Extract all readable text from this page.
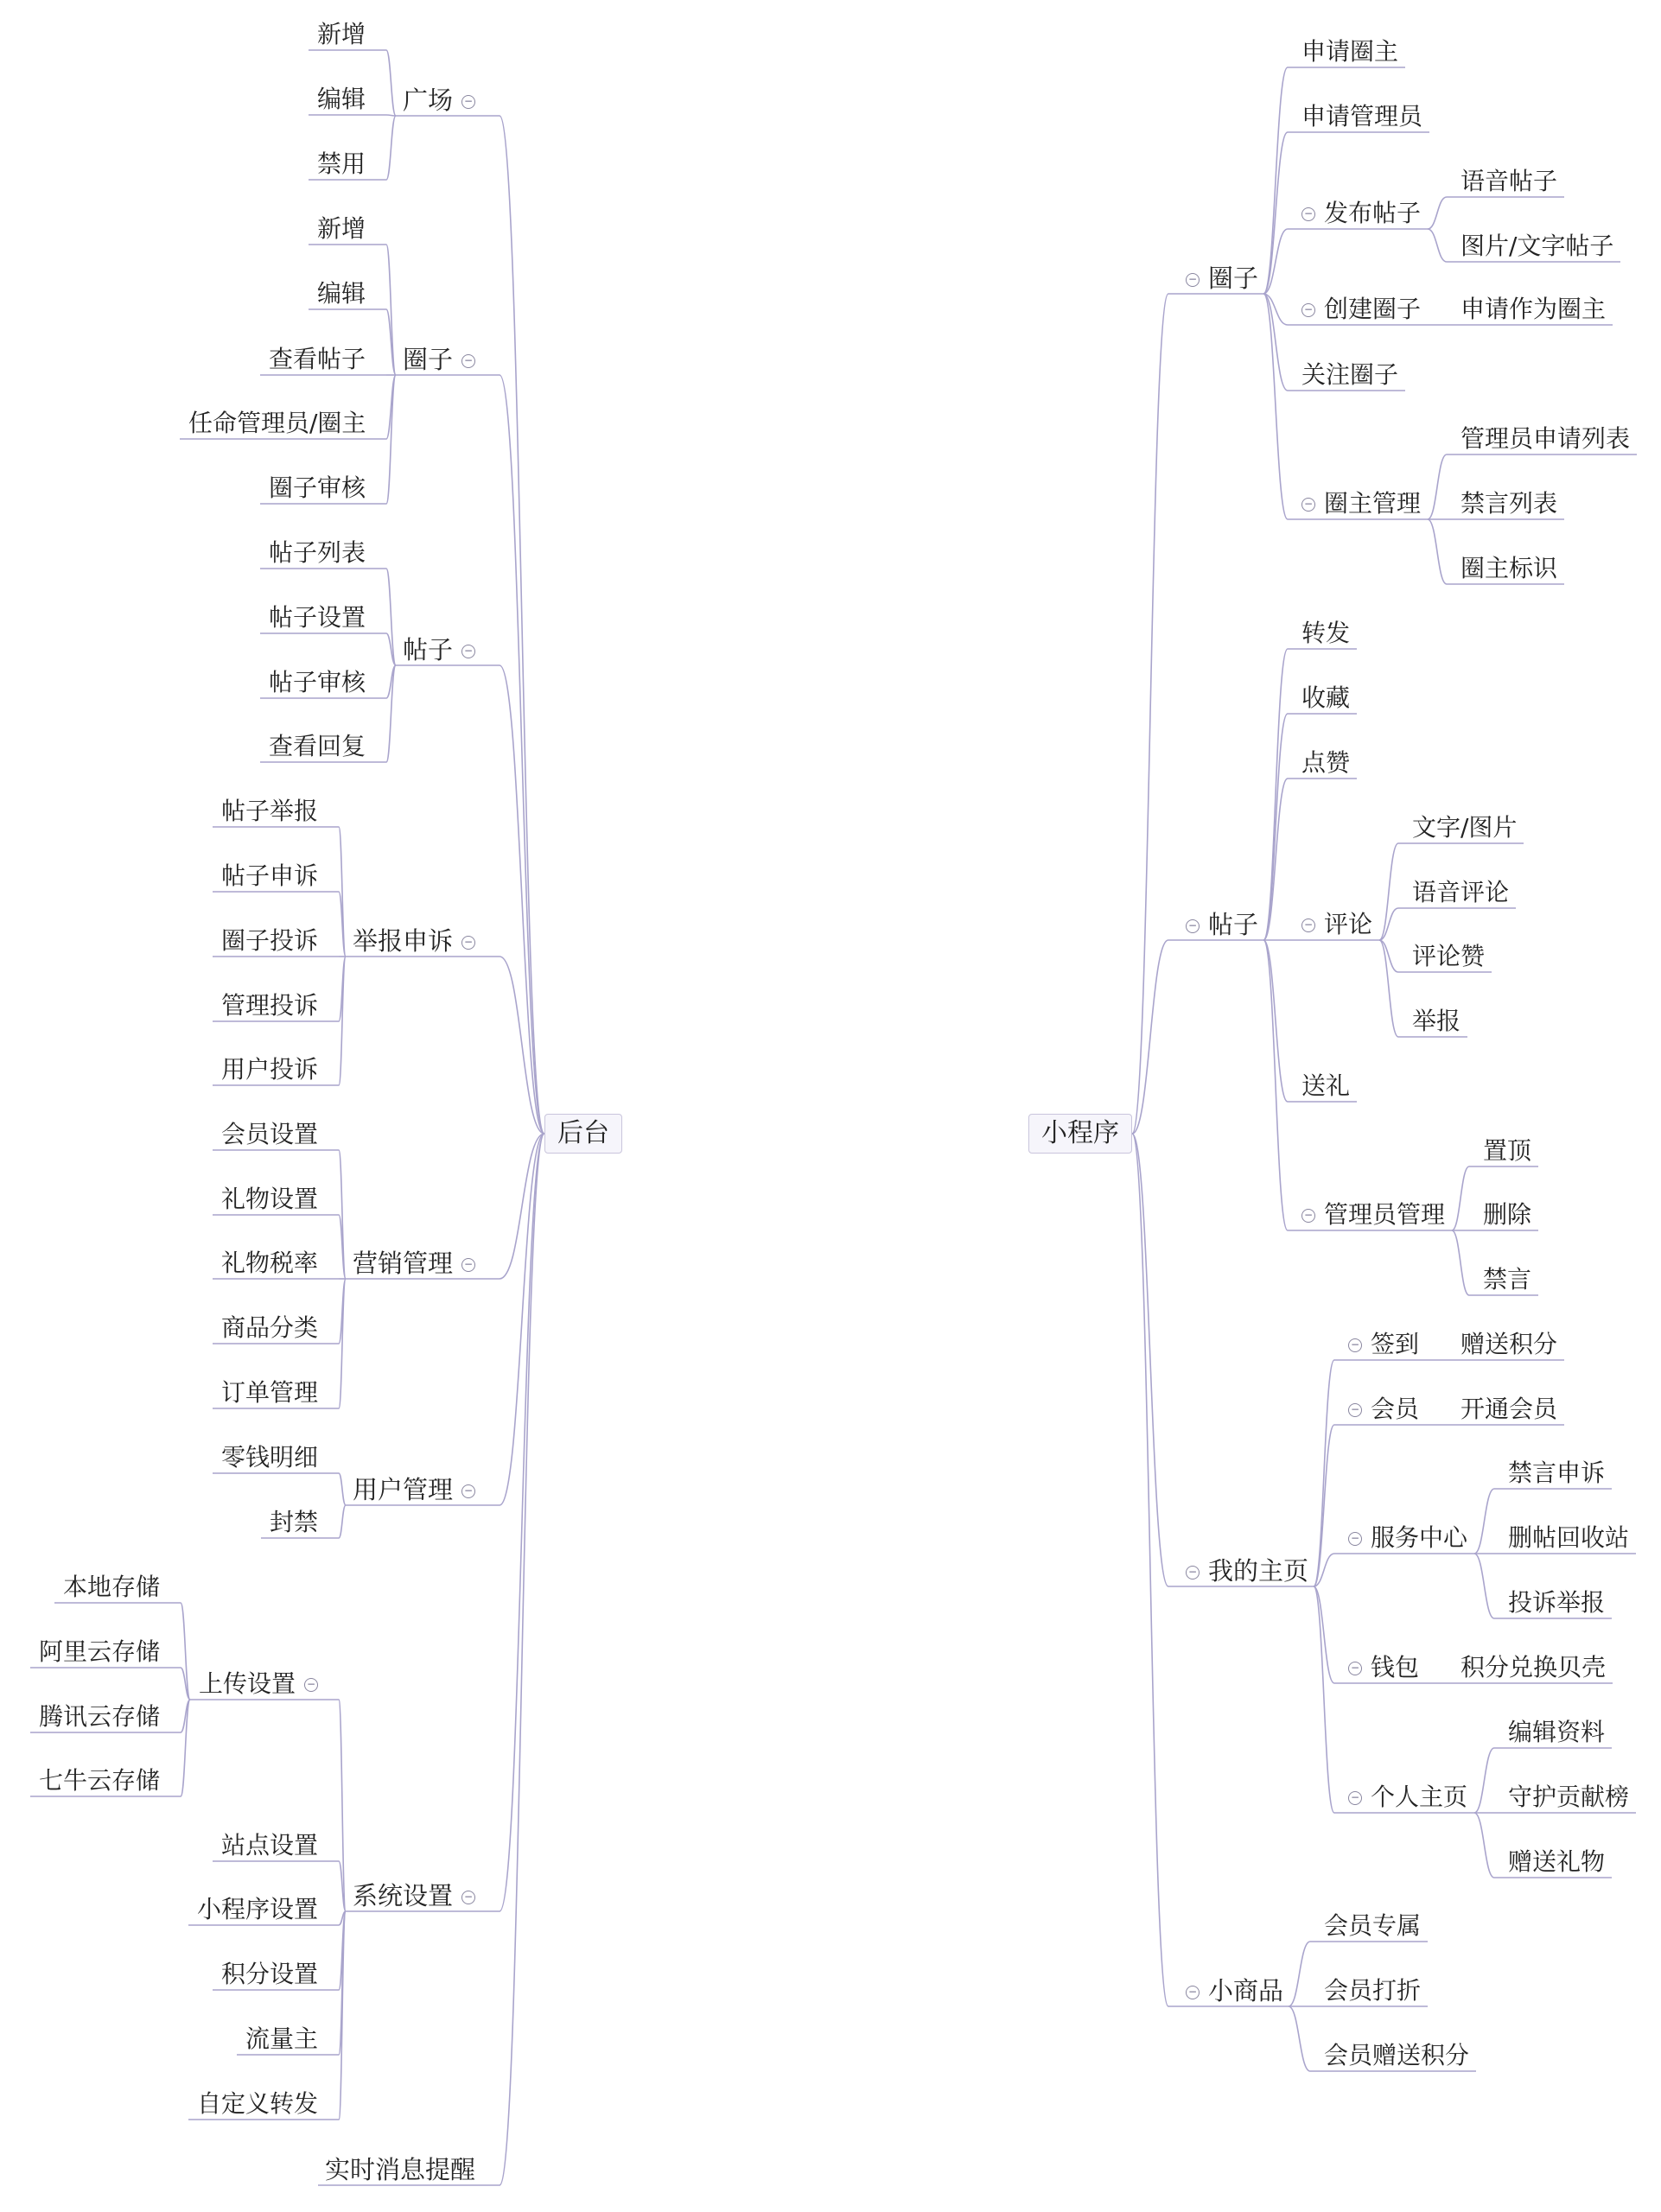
小程序
后台
− 圈子
申请圈主
申请管理员
− 发布帖子
语音帖子
图片/文字帖子
− 创建圈子 申请作为圈主
关注圈子
− 圈主管理
管理员申请列表
禁言列表
圈主标识
− 帖子
转发
收藏
点赞
− 评论
文字/图片
语音评论
评论赞
举报
送礼
− 管理员管理
置顶
删除
禁言
− 我的主页
− 签到 赠送积分
− 会员 开通会员
− 服务中心
禁言申诉
删帖回收站
投诉举报
− 钱包 积分兑换贝壳
− 个人主页
编辑资料
守护贡献榜
赠送礼物
− 小商品
会员专属
会员打折
会员赠送积分
广场 −
新增
编辑
禁用
圈子 −
新增
编辑
查看帖子
任命管理员/圈主
圈子审核
帖子 −
帖子列表
帖子设置
帖子审核
查看回复
举报申诉 −
帖子举报
帖子申诉
圈子投诉
管理投诉
用户投诉
营销管理 −
会员设置
礼物设置
礼物税率
商品分类
订单管理
用户管理 −
零钱明细
封禁
系统设置 −
上传设置 −
本地存储
阿里云存储
腾讯云存储
七牛云存储
站点设置
小程序设置
积分设置
流量主
自定义转发
实时消息提醒
